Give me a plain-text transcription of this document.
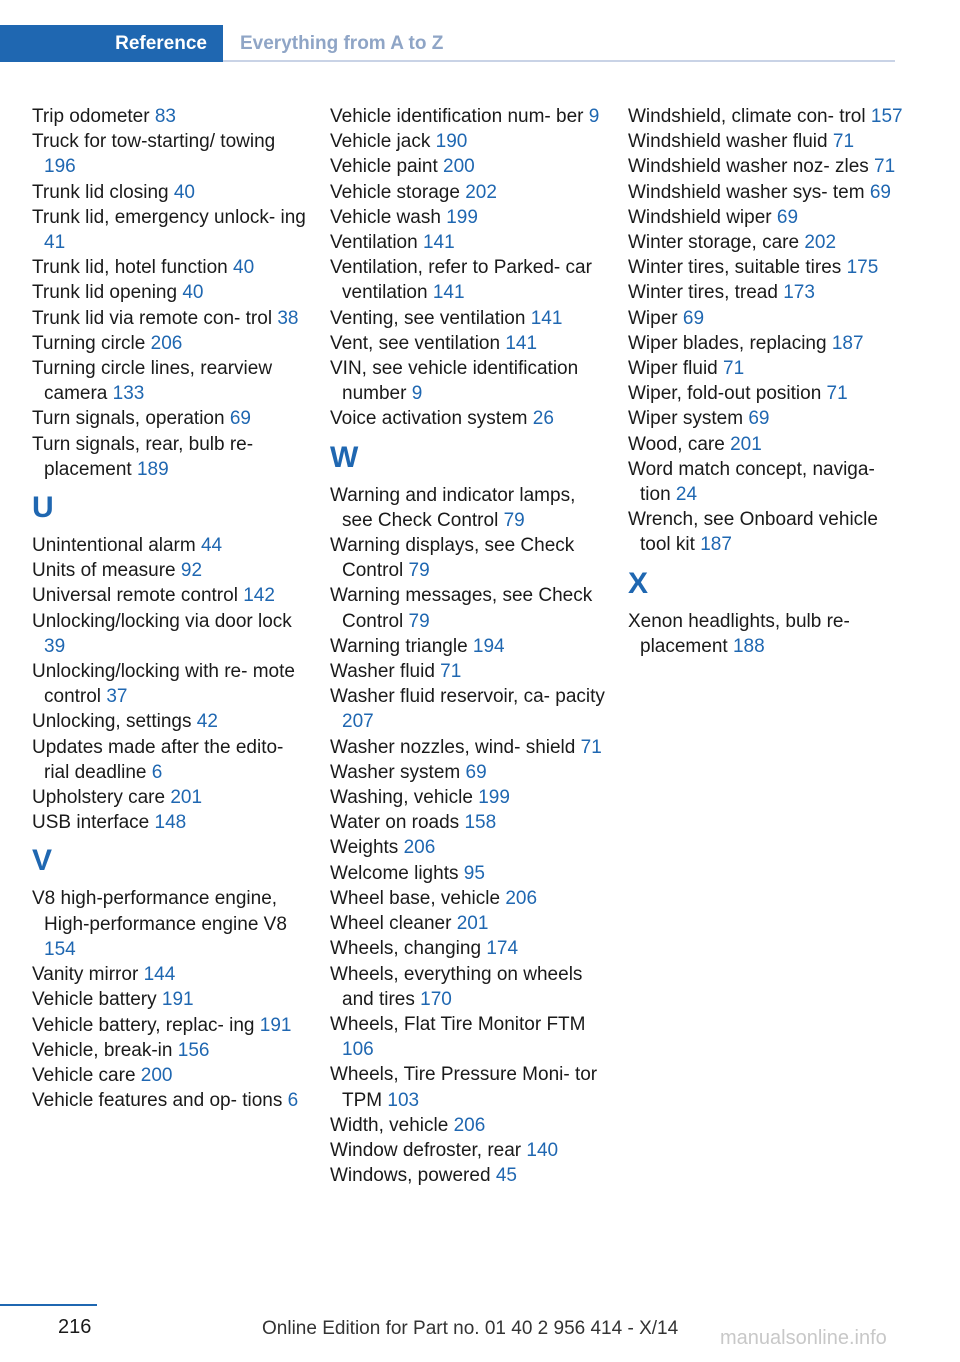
Reference	Everything from A to Z
Trip odometer 83
Truck for tow-starting/ towing 196
Trunk lid closing 40
Trunk lid, emergency unlock- ing 41
Trunk lid, hotel function 40
Trunk lid opening 40
Trunk lid via remote con- trol 38
Turning circle 206
Turning circle lines, rearview camera 133
Turn signals, operation 69
Turn signals, rear, bulb re- placement 189
U
Unintentional alarm 44
Units of measure 92
Universal remote control 142
Unlocking/locking via door lock 39
Unlocking/locking with re- mote control 37
Unlocking, settings 42
Updates made after the edito- rial deadline 6
Upholstery care 201
USB interface 148
V
V8 high-performance engine, High-performance engine V8 154
Vanity mirror 144
Vehicle battery 191
Vehicle battery, replac- ing 191
Vehicle, break-in 156
Vehicle care 200
Vehicle features and op- tions 6
Vehicle identification num- ber 9
Vehicle jack 190
Vehicle paint 200
Vehicle storage 202
Vehicle wash 199
Ventilation 141
Ventilation, refer to Parked- car ventilation 141
Venting, see ventilation 141
Vent, see ventilation 141
VIN, see vehicle identification number 9
Voice activation system 26
W
Warning and indicator lamps, see Check Control 79
Warning displays, see Check Control 79
Warning messages, see Check Control 79
Warning triangle 194
Washer fluid 71
Washer fluid reservoir, ca- pacity 207
Washer nozzles, wind- shield 71
Washer system 69
Washing, vehicle 199
Water on roads 158
Weights 206
Welcome lights 95
Wheel base, vehicle 206
Wheel cleaner 201
Wheels, changing 174
Wheels, everything on wheels and tires 170
Wheels, Flat Tire Monitor FTM 106
Wheels, Tire Pressure Moni- tor TPM 103
Width, vehicle 206
Window defroster, rear 140
Windows, powered 45
Windshield, climate con- trol 157
Windshield washer fluid 71
Windshield washer noz- zles 71
Windshield washer sys- tem 69
Windshield wiper 69
Winter storage, care 202
Winter tires, suitable tires 175
Winter tires, tread 173
Wiper 69
Wiper blades, replacing 187
Wiper fluid 71
Wiper, fold-out position 71
Wiper system 69
Wood, care 201
Word match concept, naviga- tion 24
Wrench, see Onboard vehicle tool kit 187
X
Xenon headlights, bulb re- placement 188
216	Online Edition for Part no. 01 40 2 956 414 - X/14 manualsonline.info
